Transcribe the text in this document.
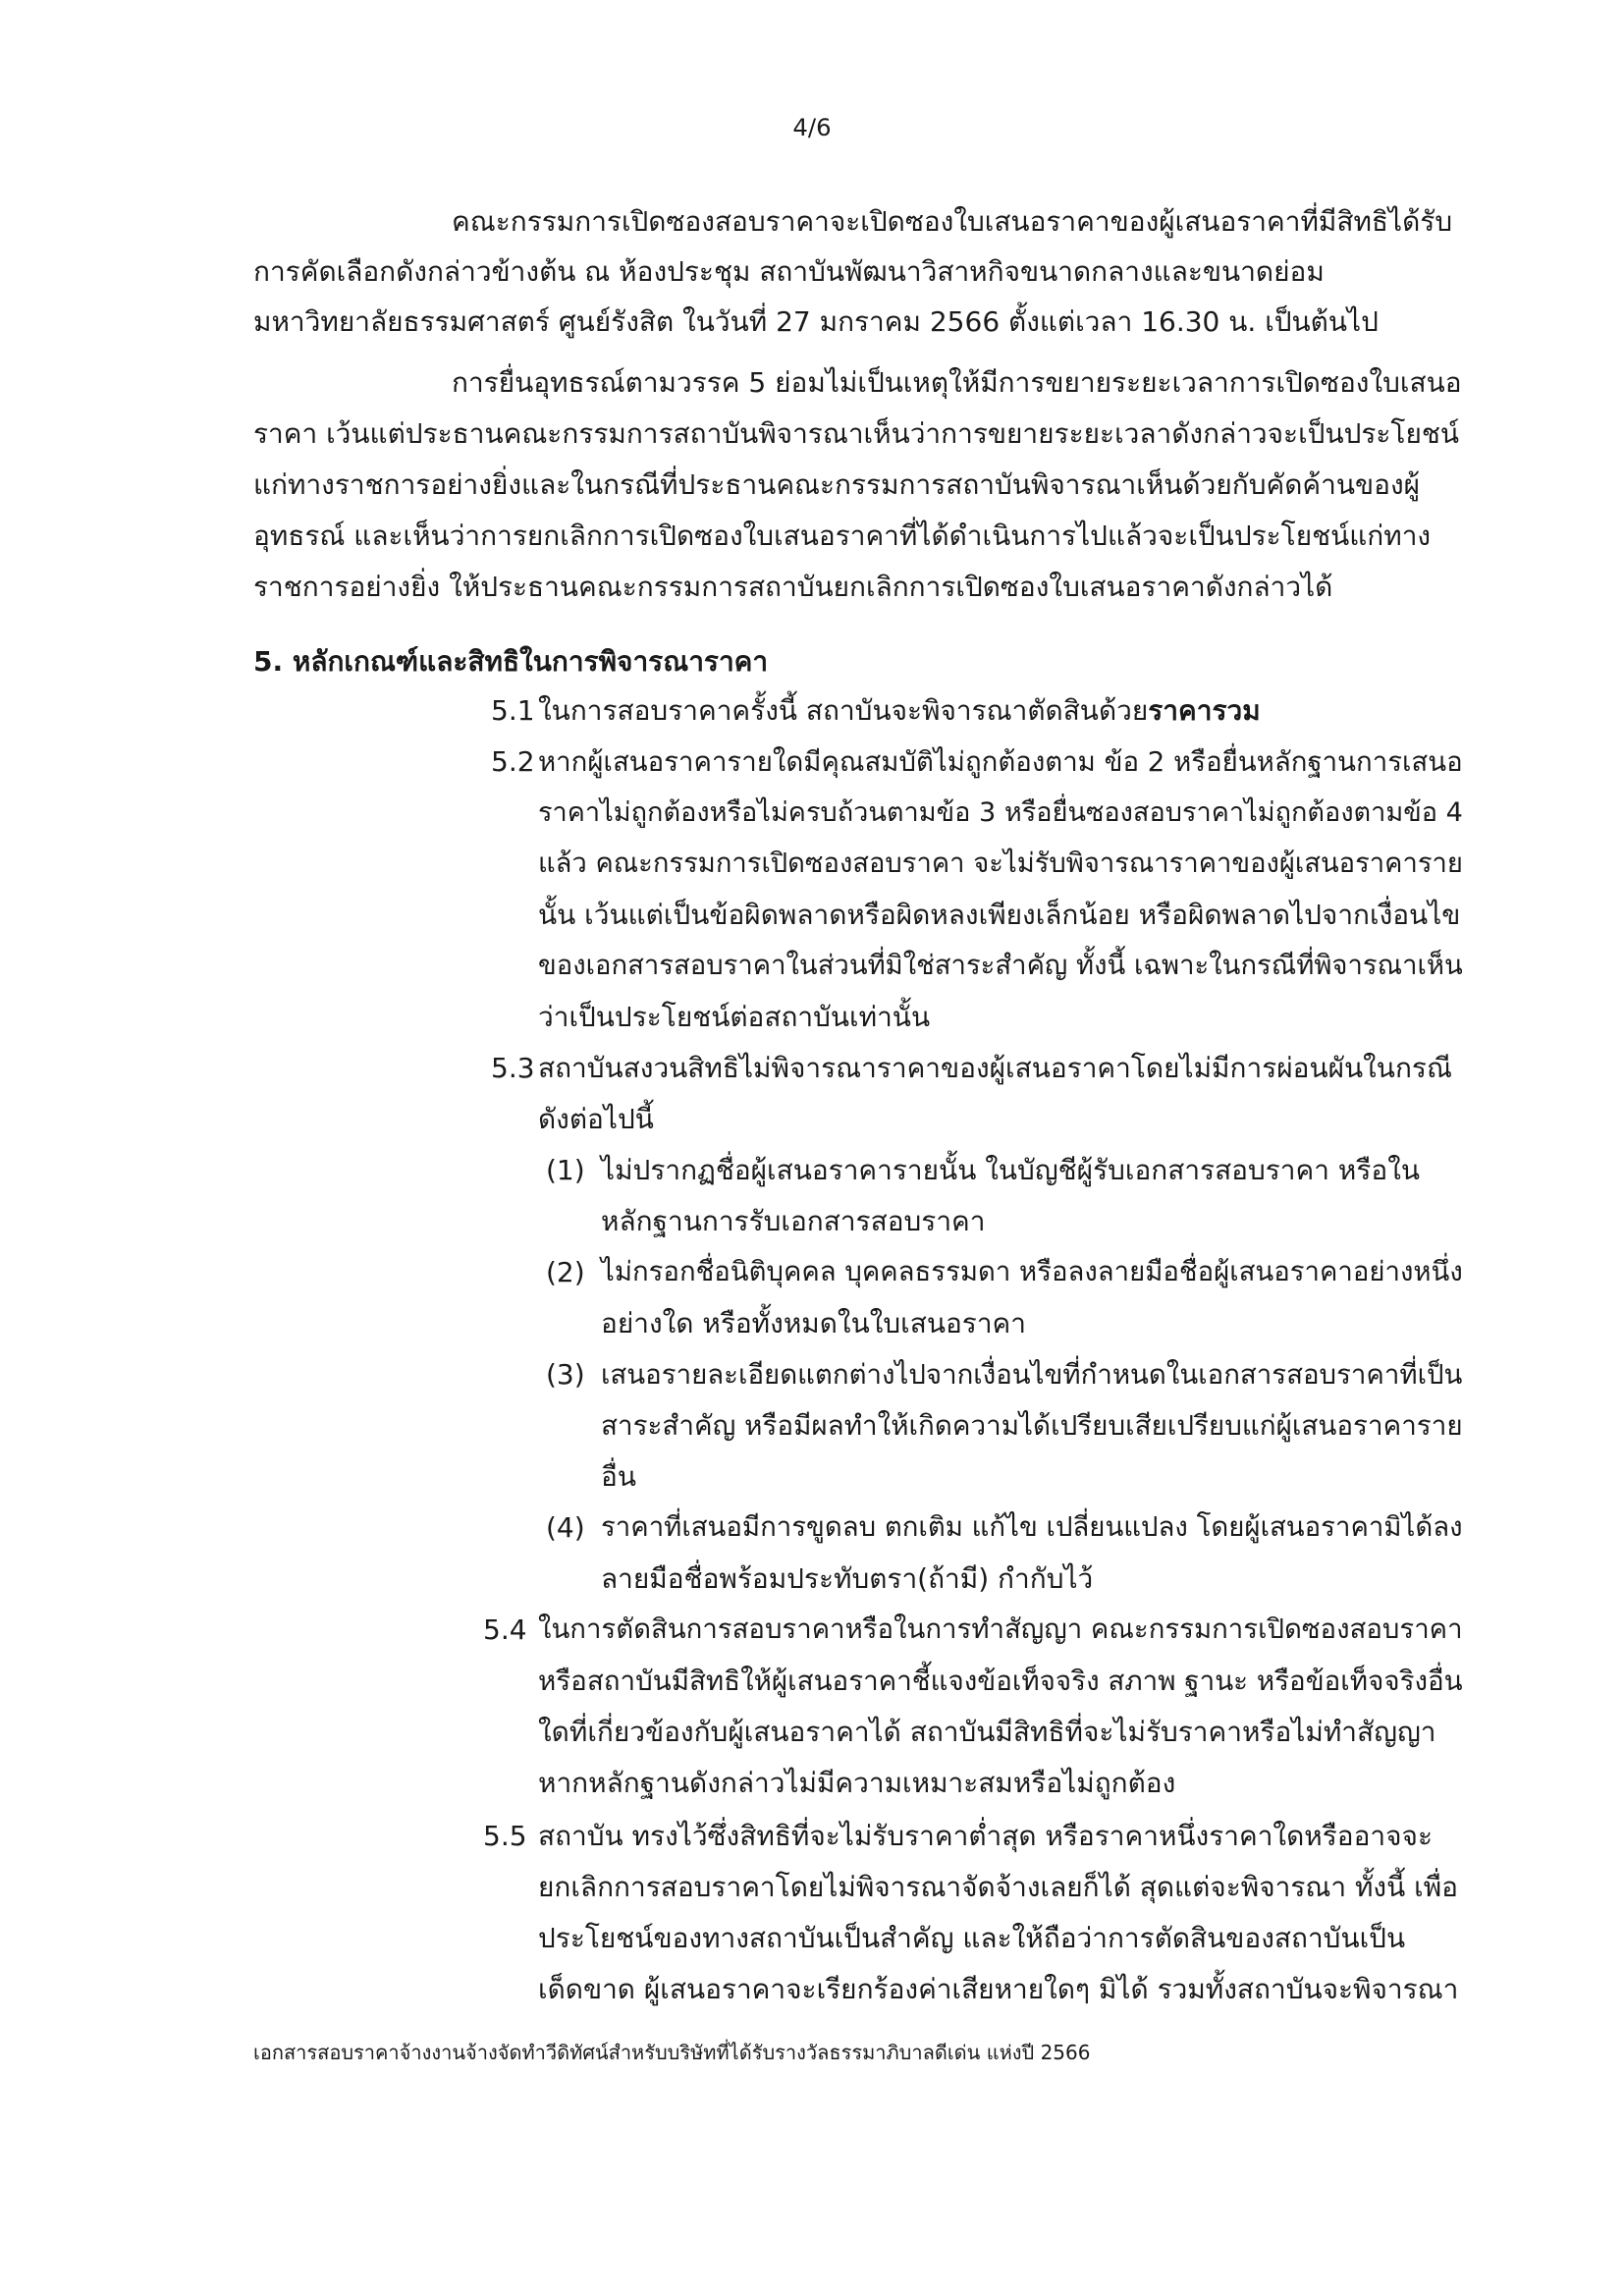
4/6
คณะกรรมการเปิดซองสอบราคาจะเปิดซองใบเสนอราคาของผู้เสนอราคาที่มีสิทธิได้รับ
การคัดเลือกดังกล่าวข้างต้น ณ ห้องประชุม สถาบันพัฒนาวิสาหกิจขนาดกลางและขนาดย่อม
มหาวิทยาลัยธรรมศาสตร์ ศูนย์รังสิต ในวันที่ 27 มกราคม 2566 ตั้งแต่เวลา 16.30 น. เป็นต้นไป
การยื่นอุทธรณ์ตามวรรค 5 ย่อมไม่เป็นเหตุให้มีการขยายระยะเวลาการเปิดซองใบเสนอ
ราคา เว้นแต่ประธานคณะกรรมการสถาบันพิจารณาเห็นว่าการขยายระยะเวลาดังกล่าวจะเป็นประโยชน์
แก่ทางราชการอย่างยิ่งและในกรณีที่ประธานคณะกรรมการสถาบันพิจารณาเห็นด้วยกับคัดค้านของผู้
อุทธรณ์ และเห็นว่าการยกเลิกการเปิดซองใบเสนอราคาที่ได้ดำเนินการไปแล้วจะเป็นประโยชน์แก่ทาง
ราชการอย่างยิ่ง ให้ประธานคณะกรรมการสถาบันยกเลิกการเปิดซองใบเสนอราคาดังกล่าวได้
5. หลักเกณฑ์และสิทธิในการพิจารณาราคา
5.1 ในการสอบราคาครั้งนี้ สถาบันจะพิจารณาตัดสินด้วยราคารวม
5.2 หากผู้เสนอราคารายใดมีคุณสมบัติไม่ถูกต้องตาม ข้อ 2 หรือยื่นหลักฐานการเสนอ
ราคาไม่ถูกต้องหรือไม่ครบถ้วนตามข้อ 3 หรือยื่นซองสอบราคาไม่ถูกต้องตามข้อ 4
แล้ว คณะกรรมการเปิดซองสอบราคา จะไม่รับพิจารณาราคาของผู้เสนอราคาราย
นั้น เว้นแต่เป็นข้อผิดพลาดหรือผิดหลงเพียงเล็กน้อย หรือผิดพลาดไปจากเงื่อนไข
ของเอกสารสอบราคาในส่วนที่มิใช่สาระสำคัญ ทั้งนี้ เฉพาะในกรณีที่พิจารณาเห็น
ว่าเป็นประโยชน์ต่อสถาบันเท่านั้น
5.3 สถาบันสงวนสิทธิไม่พิจารณาราคาของผู้เสนอราคาโดยไม่มีการผ่อนผันในกรณี
ดังต่อไปนี้
(1) ไม่ปรากฏชื่อผู้เสนอราคารายนั้น ในบัญชีผู้รับเอกสารสอบราคา หรือใน
หลักฐานการรับเอกสารสอบราคา
(2) ไม่กรอกชื่อนิติบุคคล บุคคลธรรมดา หรือลงลายมือชื่อผู้เสนอราคาอย่างหนึ่ง
อย่างใด หรือทั้งหมดในใบเสนอราคา
(3) เสนอรายละเอียดแตกต่างไปจากเงื่อนไขที่กำหนดในเอกสารสอบราคาที่เป็น
สาระสำคัญ หรือมีผลทำให้เกิดความได้เปรียบเสียเปรียบแก่ผู้เสนอราคาราย
อื่น
(4) ราคาที่เสนอมีการขูดลบ ตกเติม แก้ไข เปลี่ยนแปลง โดยผู้เสนอราคามิได้ลง
ลายมือชื่อพร้อมประทับตรา(ถ้ามี) กำกับไว้
5.4 ในการตัดสินการสอบราคาหรือในการทำสัญญา คณะกรรมการเปิดซองสอบราคา
หรือสถาบันมีสิทธิให้ผู้เสนอราคาชี้แจงข้อเท็จจริง สภาพ ฐานะ หรือข้อเท็จจริงอื่น
ใดที่เกี่ยวข้องกับผู้เสนอราคาได้ สถาบันมีสิทธิที่จะไม่รับราคาหรือไม่ทำสัญญา
หากหลักฐานดังกล่าวไม่มีความเหมาะสมหรือไม่ถูกต้อง
5.5 สถาบัน ทรงไว้ซึ่งสิทธิที่จะไม่รับราคาต่ำสุด หรือราคาหนึ่งราคาใดหรืออาจจะ
ยกเลิกการสอบราคาโดยไม่พิจารณาจัดจ้างเลยก็ได้ สุดแต่จะพิจารณา ทั้งนี้ เพื่อ
ประโยชน์ของทางสถาบันเป็นสำคัญ และให้ถือว่าการตัดสินของสถาบันเป็น
เด็ดขาด ผู้เสนอราคาจะเรียกร้องค่าเสียหายใดๆ มิได้ รวมทั้งสถาบันจะพิจารณา
เอกสารสอบราคาจ้างงานจ้างจัดทำวีดิทัศน์สำหรับบริษัทที่ได้รับรางวัลธรรมาภิบาลดีเด่น แห่งปี 2566
